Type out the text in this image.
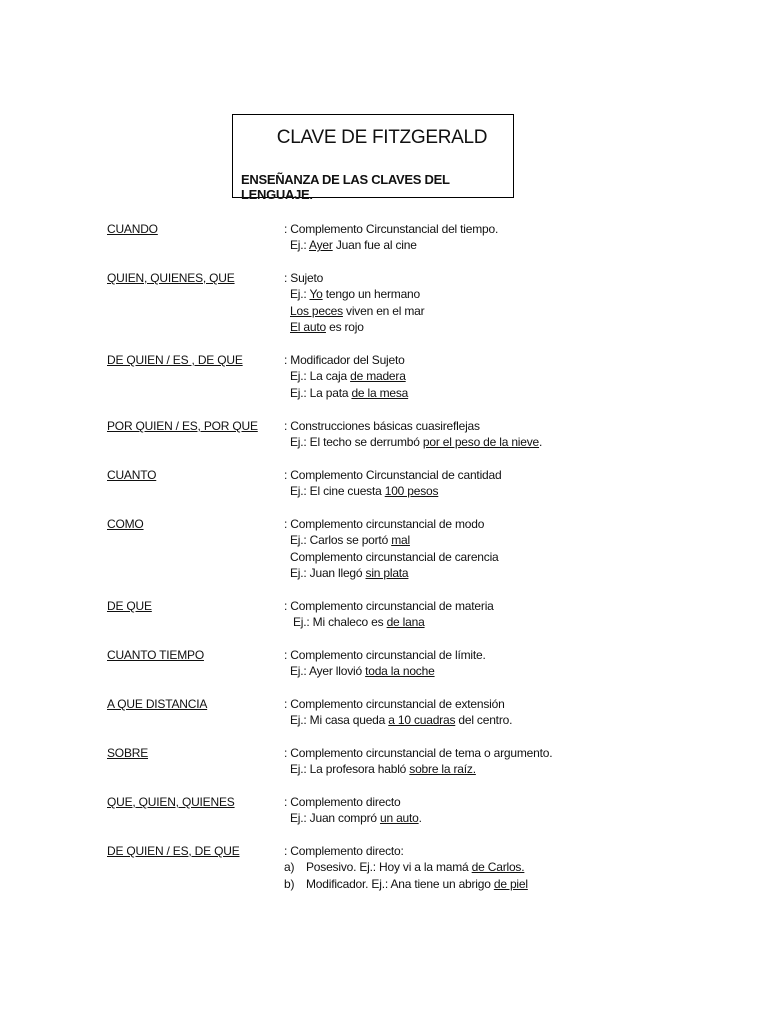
CLAVE DE FITZGERALD
ENSEÑANZA DE LAS CLAVES DEL LENGUAJE.
CUANDO	: Complemento Circunstancial del tiempo.
Ej.: Ayer Juan fue al cine
QUIEN, QUIENES, QUE	: Sujeto
Ej.: Yo tengo un hermano
Los peces viven en el mar
El auto es rojo
DE QUIEN / ES , DE QUE	: Modificador del Sujeto
Ej.: La caja de madera
Ej.: La pata de la mesa
POR QUIEN / ES, POR QUE : Construcciones básicas cuasireflejas
Ej.: El techo se derrumbó por el peso de la nieve.
CUANTO	: Complemento Circunstancial de cantidad
Ej.: El cine cuesta 100 pesos
COMO	: Complemento circunstancial de modo
Ej.: Carlos se portó mal
Complemento circunstancial de carencia
Ej.: Juan llegó sin plata
DE QUE	: Complemento circunstancial de materia
Ej.: Mi chaleco es de lana
CUANTO TIEMPO	: Complemento circunstancial de límite.
Ej.: Ayer llovió toda la noche
A QUE DISTANCIA	: Complemento circunstancial de extensión
Ej.: Mi casa queda a 10 cuadras del centro.
SOBRE	: Complemento circunstancial de tema o argumento.
Ej.: La profesora habló sobre la raíz.
QUE, QUIEN, QUIENES	: Complemento directo
Ej.: Juan compró un auto.
DE QUIEN / ES, DE QUE	: Complemento directo:
a) Posesivo. Ej.: Hoy vi a la mamá de Carlos.
b) Modificador. Ej.: Ana tiene un abrigo de piel
